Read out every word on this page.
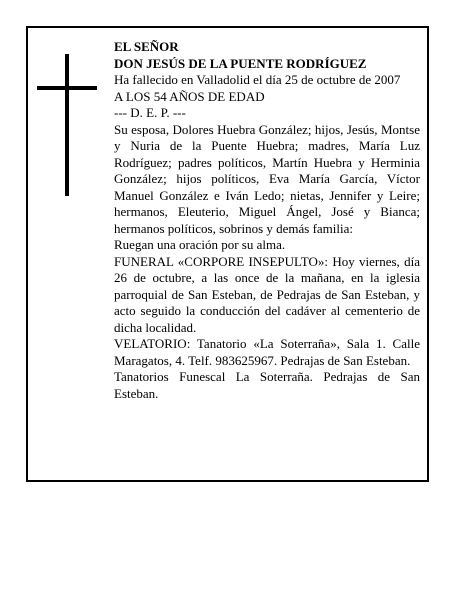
EL SEÑOR

DON JESÚS DE LA PUENTE RODRÍGUEZ

Ha fallecido en Valladolid el día 25 de octubre de 2007

A LOS 54 AÑOS DE EDAD

--- D. E. P. ---

Su esposa, Dolores Huebra González; hijos, Jesús, Montse y Nuria de la Puente Huebra; madres, María Luz Rodríguez; padres políticos, Martín Huebra y Herminia González; hijos políticos, Eva María García, Víctor Manuel González e Iván Ledo; nietas, Jennifer y Leire; hermanos, Eleuterio, Miguel Ángel, José y Bianca; hermanos políticos, sobrinos y demás familia:

Ruegan una oración por su alma.

FUNERAL «CORPORE INSEPULTO»: Hoy viernes, día 26 de octubre, a las once de la mañana, en la iglesia parroquial de San Esteban, de Pedrajas de San Esteban, y acto seguido la conducción del cadáver al cementerio de dicha localidad.

VELATORIO: Tanatorio «La Soterraña», Sala 1. Calle Maragatos, 4. Telf. 983625967. Pedrajas de San Esteban.

Tanatorios Funescal La Soterraña. Pedrajas de San Esteban.
